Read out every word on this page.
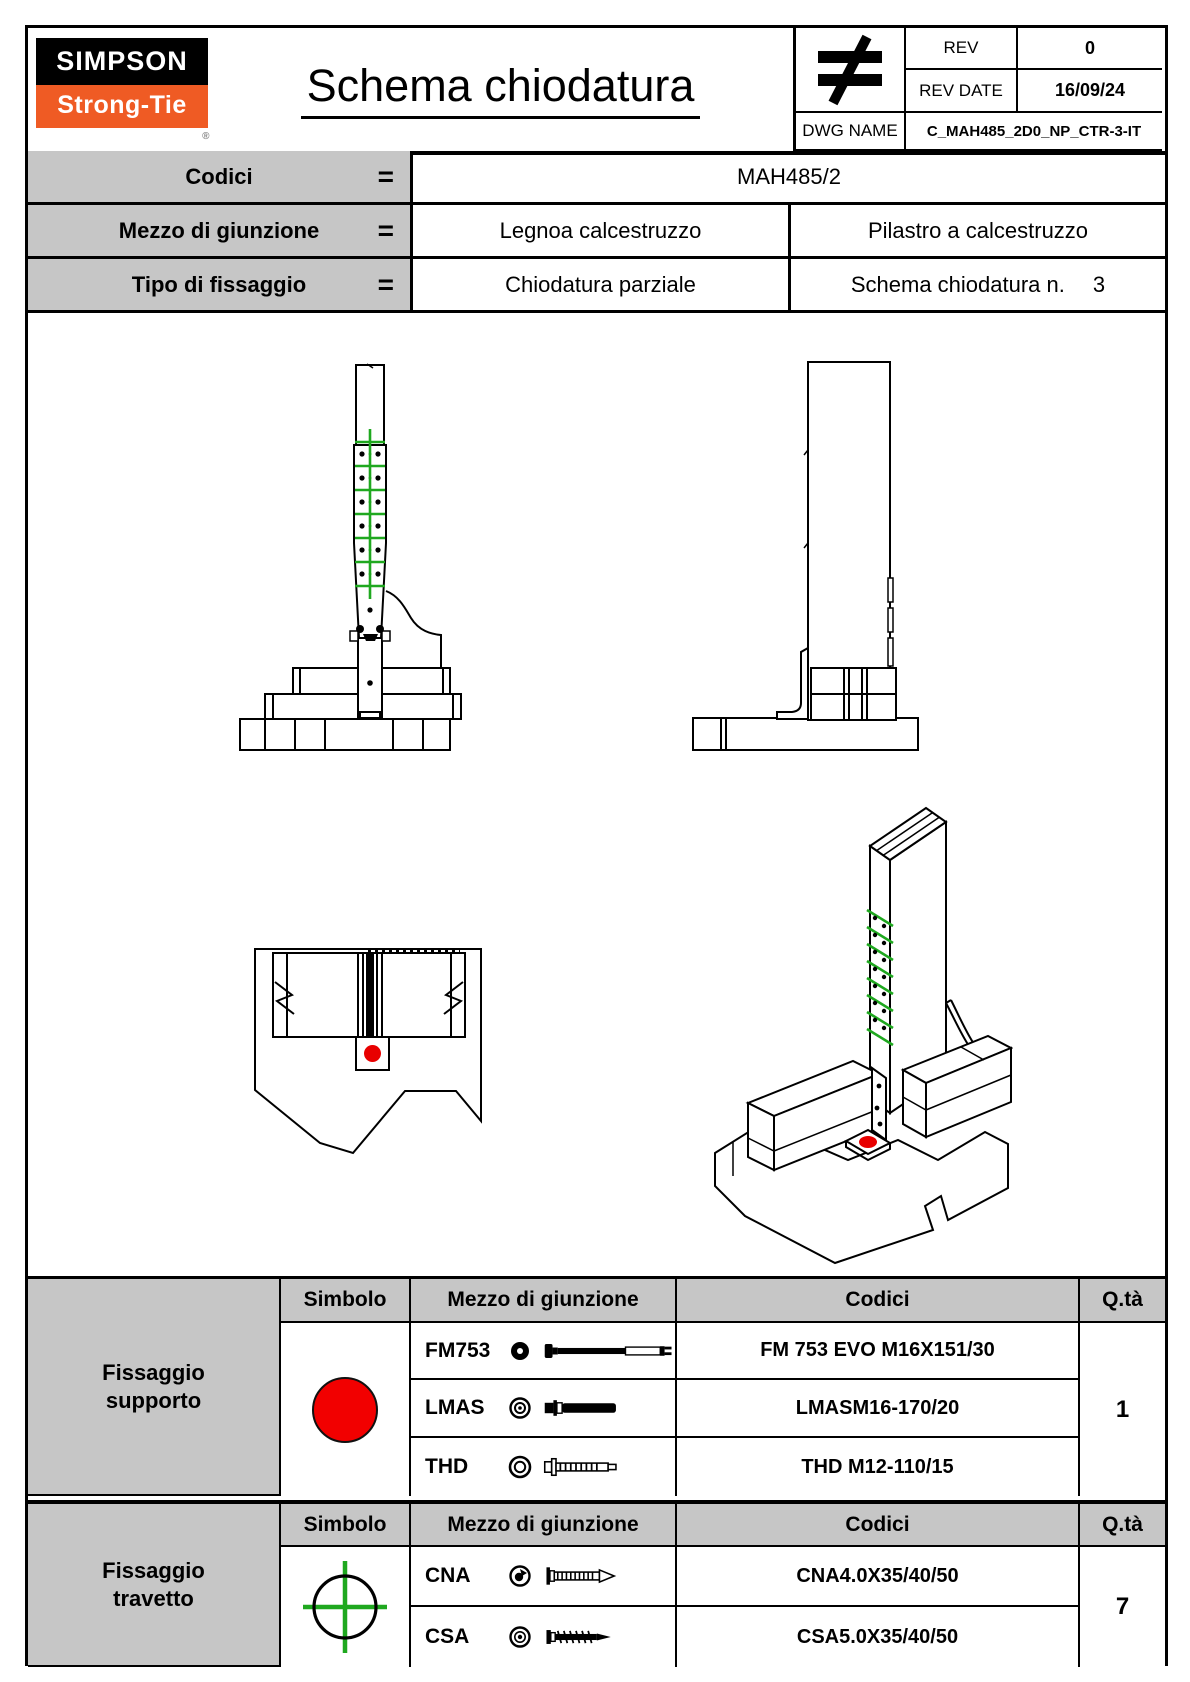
SIMPSON
Strong-Tie
®
Schema chiodatura
REV	0
REV DATE	16/09/24
DWG NAME	C_MAH485_2D0_NP_CTR-3-IT
Codici	=	MAH485/2
Mezzo di giunzione =	Legnoa calcestruzzo	Pilastro a calcestruzzo
Tipo di fissaggio	=	Chiodatura parziale	Schema chiodatura n. 3
Fissaggio supporto
Simbolo	Mezzo di giunzione	Codici	Q.tà
FM753	FM 753 EVO M16X151/30
1
LMAS	LMASM16-170/20
THD	THD M12-110/15
Fissaggio travetto
Simbolo	Mezzo di giunzione	Codici	Q.tà
CNA	CNA4.0X35/40/50
7
CSA	CSA5.0X35/40/50
